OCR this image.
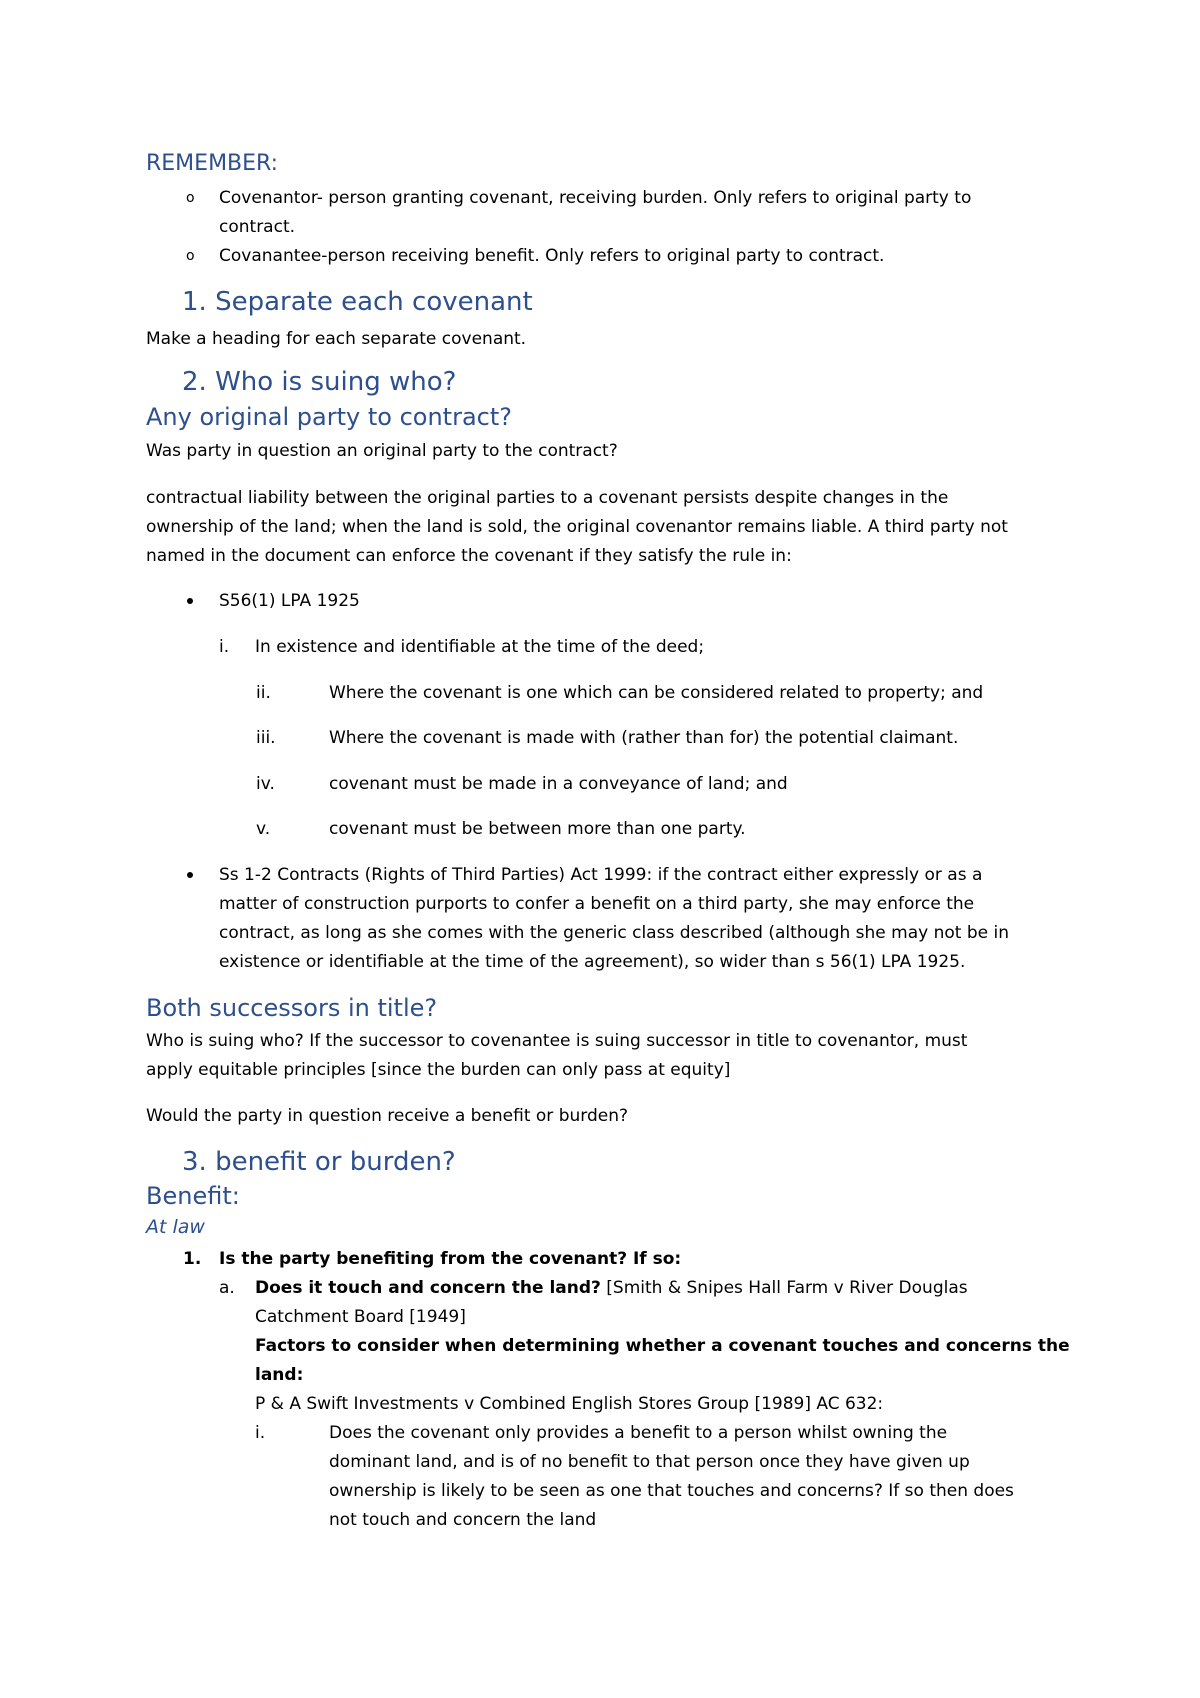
REMEMBER:
o Covenantor- person granting covenant, receiving burden. Only refers to original party to
contract.
o Covanantee-person receiving benefit. Only refers to original party to contract.
1. Separate each covenant
Make a heading for each separate covenant.
2. Who is suing who?
Any original party to contract?
Was party in question an original party to the contract?
contractual liability between the original parties to a covenant persists despite changes in the
ownership of the land; when the land is sold, the original covenantor remains liable. A third party not
named in the document can enforce the covenant if they satisfy the rule in:
S56(1) LPA 1925
i. In existence and identifiable at the time of the deed;
ii.	Where the covenant is one which can be considered related to property; and
iii.	Where the covenant is made with (rather than for) the potential claimant.
iv.	covenant must be made in a conveyance of land; and
v.	covenant must be between more than one party.
Ss 1-2 Contracts (Rights of Third Parties) Act 1999: if the contract either expressly or as a
matter of construction purports to confer a benefit on a third party, she may enforce the
contract, as long as she comes with the generic class described (although she may not be in
existence or identifiable at the time of the agreement), so wider than s 56(1) LPA 1925.
Both successors in title?
Who is suing who? If the successor to covenantee is suing successor in title to covenantor, must
apply equitable principles [since the burden can only pass at equity]
Would the party in question receive a benefit or burden?
3. benefit or burden?
Benefit:
At law
1. Is the party benefiting from the covenant? If so:
a. Does it touch and concern the land? [Smith & Snipes Hall Farm v River Douglas
Catchment Board [1949]
Factors to consider when determining whether a covenant touches and concerns the
land:
P & A Swift Investments v Combined English Stores Group [1989] AC 632:
i.	Does the covenant only provides a benefit to a person whilst owning the
dominant land, and is of no benefit to that person once they have given up
ownership is likely to be seen as one that touches and concerns? If so then does
not touch and concern the land
